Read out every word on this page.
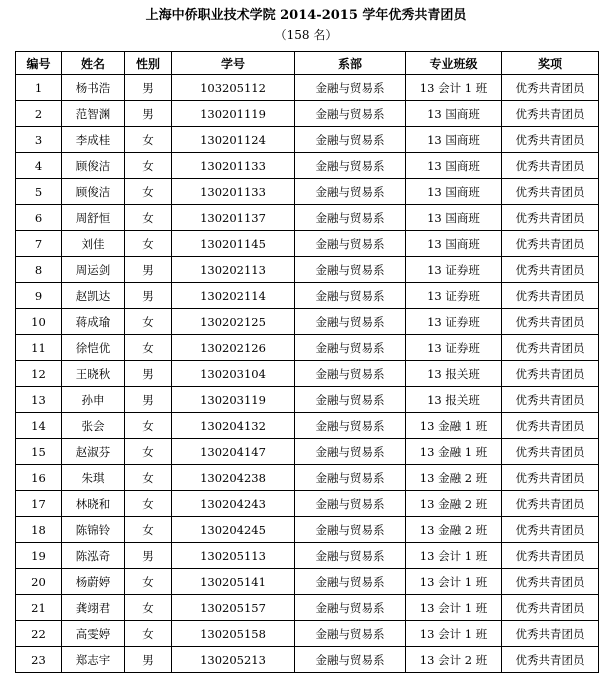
上海中侨职业技术学院 2014-2015 学年优秀共青团员
（158 名）
编号	姓名	性别	学号	系部	专业班级	奖项
1	杨书浩	男	103205112	金融与贸易系	13 会计 1 班	优秀共青团员
2	范智渊	男	130201119	金融与贸易系	13 国商班	优秀共青团员
3	李成桂	女	130201124	金融与贸易系	13 国商班	优秀共青团员
4	顾俊洁	女	130201133	金融与贸易系	13 国商班	优秀共青团员
5	顾俊洁	女	130201133	金融与贸易系	13 国商班	优秀共青团员
6	周舒恒	女	130201137	金融与贸易系	13 国商班	优秀共青团员
7	刘佳	女	130201145	金融与贸易系	13 国商班	优秀共青团员
8	周运剑	男	130202113	金融与贸易系	13 证券班	优秀共青团员
9	赵凯达	男	130202114	金融与贸易系	13 证券班	优秀共青团员
10	蒋成瑜	女	130202125	金融与贸易系	13 证券班	优秀共青团员
11	徐恺优	女	130202126	金融与贸易系	13 证券班	优秀共青团员
12	王晓秋	男	130203104	金融与贸易系	13 报关班	优秀共青团员
13	孙申	男	130203119	金融与贸易系	13 报关班	优秀共青团员
14	张会	女	130204132	金融与贸易系	13 金融 1 班	优秀共青团员
15	赵淑芬	女	130204147	金融与贸易系	13 金融 1 班	优秀共青团员
16	朱琪	女	130204238	金融与贸易系	13 金融 2 班	优秀共青团员
17	林晓和	女	130204243	金融与贸易系	13 金融 2 班	优秀共青团员
18	陈锦铃	女	130204245	金融与贸易系	13 金融 2 班	优秀共青团员
19	陈泓奇	男	130205113	金融与贸易系	13 会计 1 班	优秀共青团员
20	杨蔚婷	女	130205141	金融与贸易系	13 会计 1 班	优秀共青团员
21	龚翊君	女	130205157	金融与贸易系	13 会计 1 班	优秀共青团员
22	高雯婷	女	130205158	金融与贸易系	13 会计 1 班	优秀共青团员
23	郑志宇	男	130205213	金融与贸易系	13 会计 2 班	优秀共青团员
